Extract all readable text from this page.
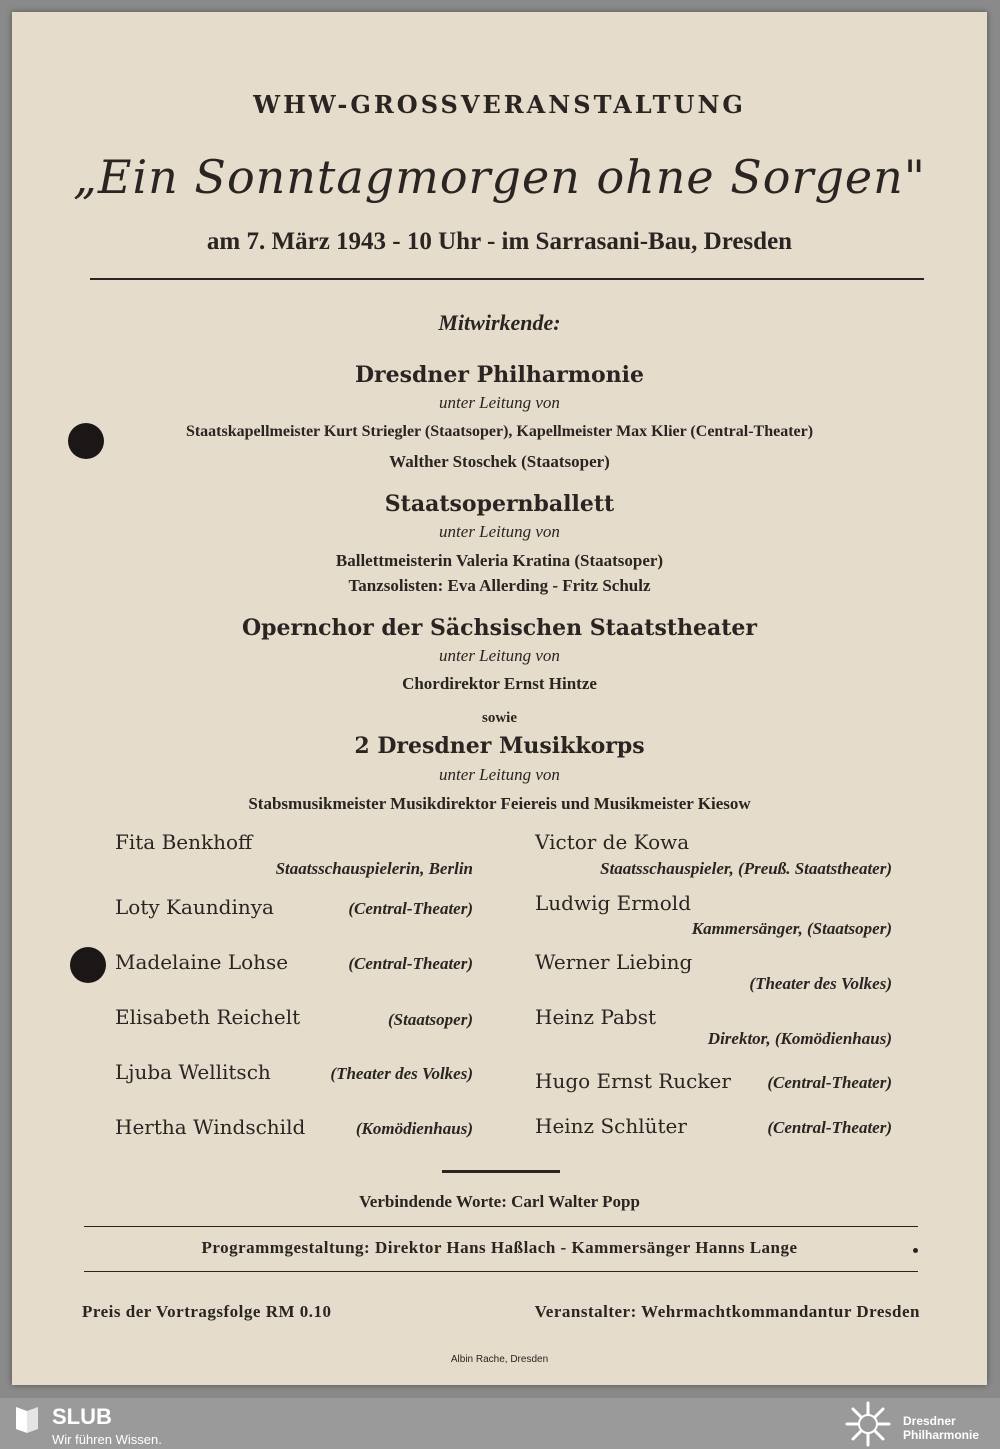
WHW-GROSSVERANSTALTUNG
„Ein Sonntagmorgen ohne Sorgen"
am 7. März 1943 - 10 Uhr - im Sarrasani-Bau, Dresden
Mitwirkende:
Dresdner Philharmonie
unter Leitung von
Staatskapellmeister Kurt Striegler (Staatsoper), Kapellmeister Max Klier (Central-Theater)
Walther Stoschek (Staatsoper)
Staatsopernballett
unter Leitung von
Ballettmeisterin Valeria Kratina (Staatsoper)
Tanzsolisten: Eva Allerding - Fritz Schulz
Opernchor der Sächsischen Staatstheater
unter Leitung von
Chordirektor Ernst Hintze
sowie
2 Dresdner Musikkorps
unter Leitung von
Stabsmusikmeister Musikdirektor Feiereis und Musikmeister Kiesow
Fita Benkhoff
Staatsschauspielerin, Berlin
Loty Kaundinya	(Central-Theater)
Madelaine Lohse	(Central-Theater)
Elisabeth Reichelt	(Staatsoper)
Ljuba Wellitsch	(Theater des Volkes)
Hertha Windschild	(Komödienhaus)
Victor de Kowa
Staatsschauspieler, (Preuß. Staatstheater)
Ludwig Ermold
Kammersänger, (Staatsoper)
Werner Liebing
(Theater des Volkes)
Heinz Pabst
Direktor, (Komödienhaus)
Hugo Ernst Rucker (Central-Theater)
Heinz Schlüter	(Central-Theater)
Verbindende Worte: Carl Walter Popp
Programmgestaltung: Direktor Hans Haßlach - Kammersänger Hanns Lange
Preis der Vortragsfolge RM 0.10	Veranstalter: Wehrmachtkommandantur Dresden
Albin Rache, Dresden
SLUB
Wir führen Wissen.
Dresdner
Philharmonie
